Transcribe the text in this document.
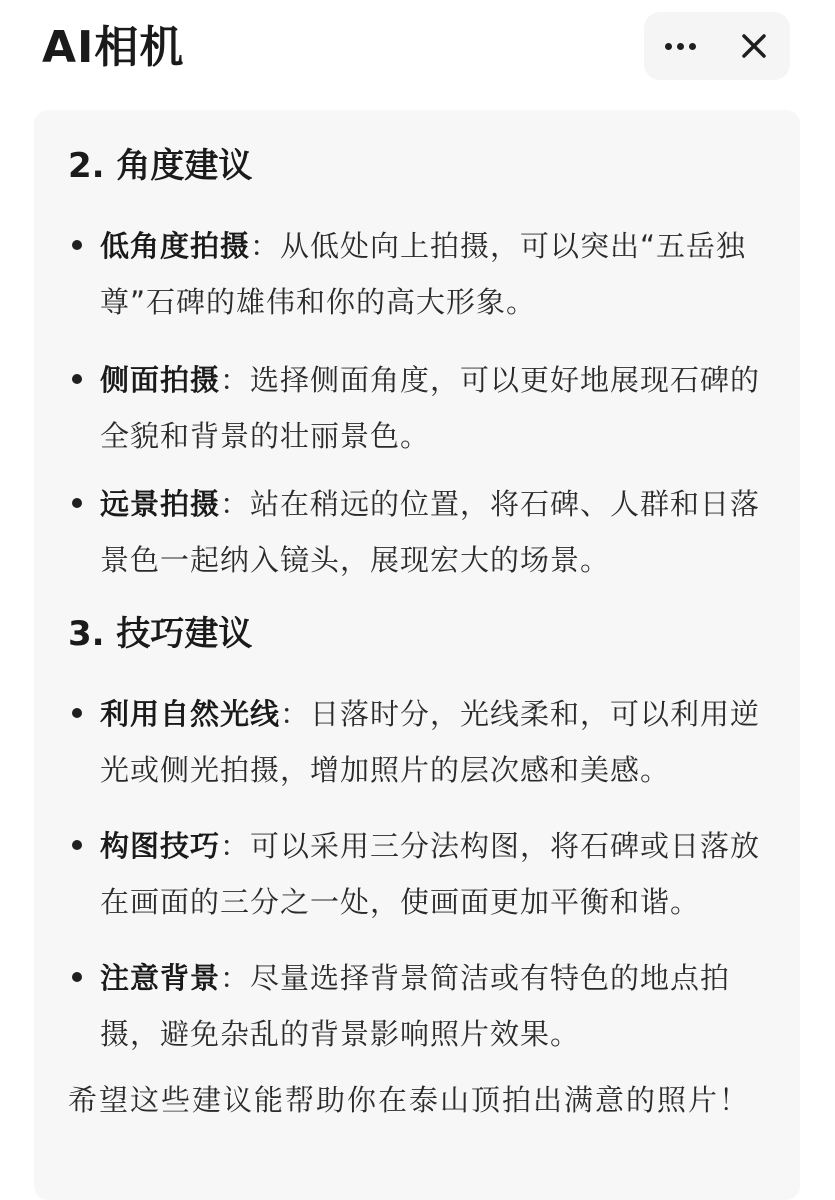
AI相机
2. 角度建议
低角度拍摄：从低处向上拍摄，可以突出“五岳独尊”石碑的雄伟和你的高大形象。
侧面拍摄：选择侧面角度，可以更好地展现石碑的全貌和背景的壮丽景色。
远景拍摄：站在稍远的位置，将石碑、人群和日落景色一起纳入镜头，展现宏大的场景。
3. 技巧建议
利用自然光线：日落时分，光线柔和，可以利用逆光或侧光拍摄，增加照片的层次感和美感。
构图技巧：可以采用三分法构图，将石碑或日落放在画面的三分之一处，使画面更加平衡和谐。
注意背景：尽量选择背景简洁或有特色的地点拍摄，避免杂乱的背景影响照片效果。
希望这些建议能帮助你在泰山顶拍出满意的照片！
